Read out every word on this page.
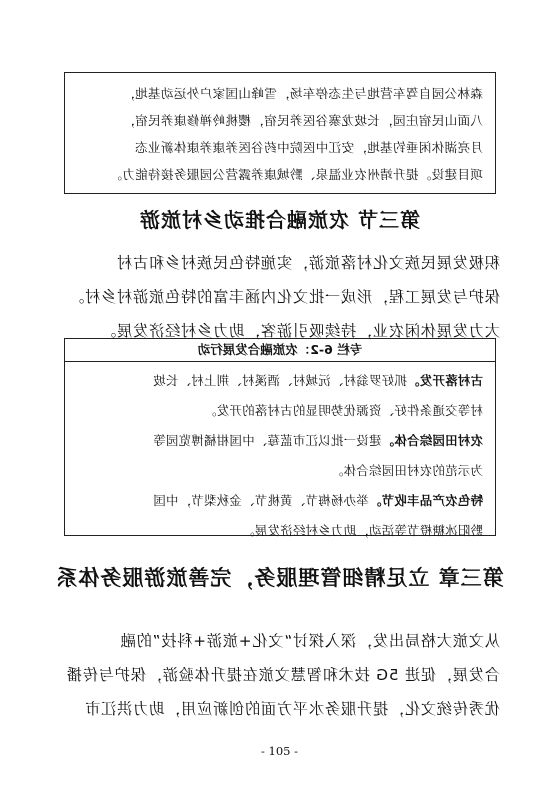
森林公园自驾车营地与生态停车场，雪峰山国家户外运动基地，
八面山民宿庄园，长坡龙寨谷医养民宿，樱桃岭禅修康养民宿，
月亮湖休闲垂钓基地，安江中医院中药谷医养康养康体新业态
项目建设。提升靖州农业温泉、黔城康养露营公园服务接待能力。
第三节 农旅融合推动乡村旅游
积极发展民族文化村落旅游，实施特色民族村乡和古村
保护与发展工程，形成一批文化内涵丰富的特色旅游村乡村。
大力发展休闲农业，持续吸引游客，助力乡村经济发展。
专栏 6-2：农旅融合发展行动
古村落开发。抓好罗翁村、沅城村、酒溪村、荆上村、长坡
村等交通条件好、资源优势明显的古村落的开发。
农村田园综合体。建设一批以江市蓝莓、中国柑橘博览园等
为示范的农村田园综合体。
特色农产品丰收节。举办杨梅节、黄桃节、金秋梨节，中国
黔阳冰糖橙节等活动，助力乡村经济发展。
第三章 立足精细管理服务，完善旅游服务体系
从文旅大格局出发，深入探讨“文化+旅游+科技”的融
合发展，促进 5G 技术和智慧文旅在提升体验游，保护与传播
优秀传统文化，提升服务水平方面的创新应用，助力洪江市
- 105 -
